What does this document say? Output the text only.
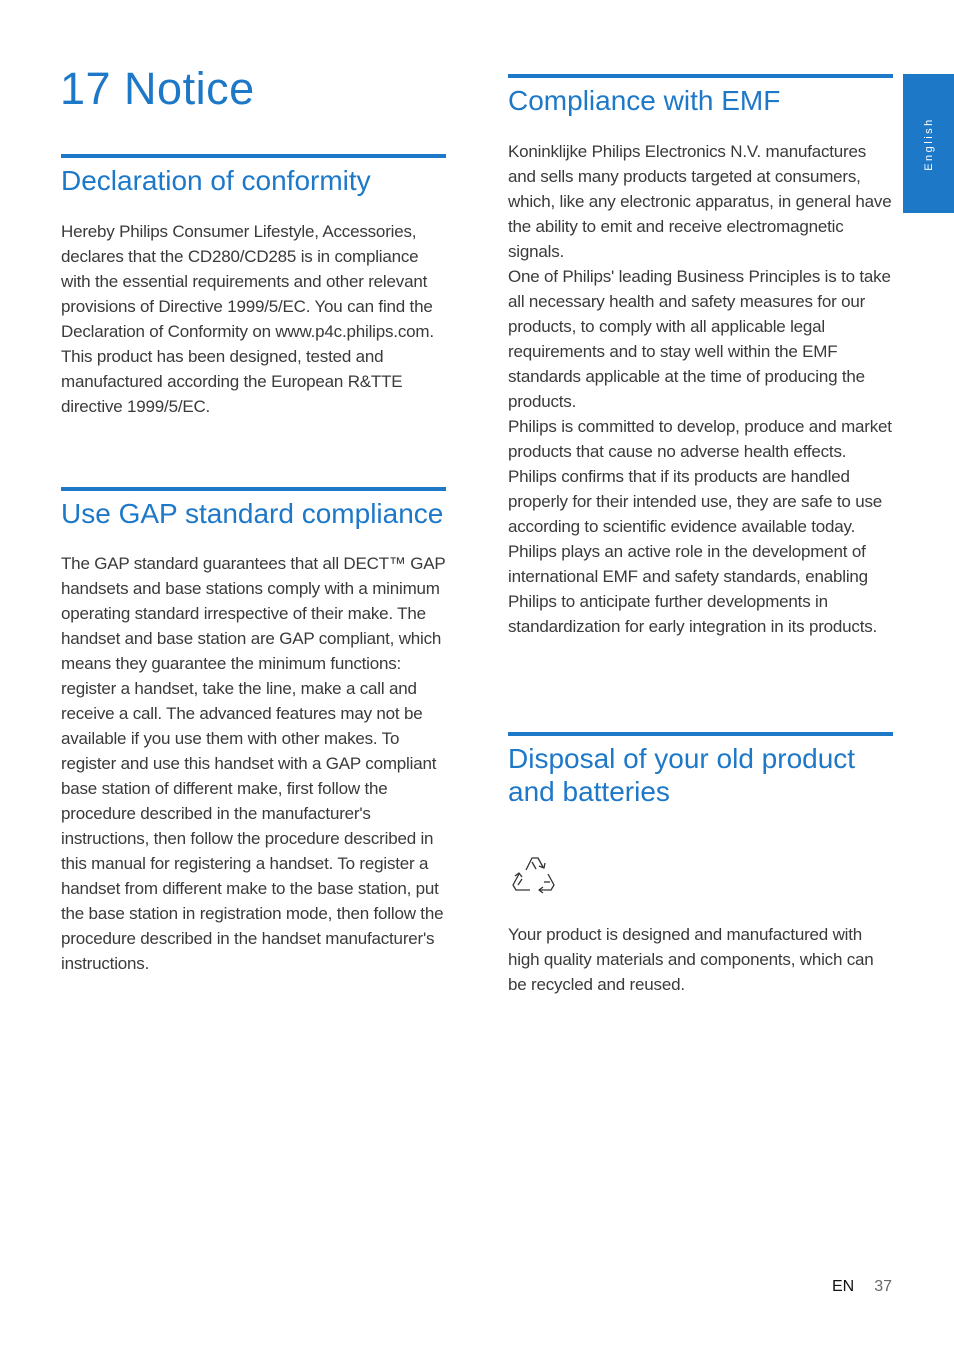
17 Notice
English
Declaration of conformity

Hereby Philips Consumer Lifestyle, Accessories, declares that the CD280/CD285 is in compliance with the essential requirements and other relevant provisions of Directive 1999/5/EC. You can find the Declaration of Conformity on www.p4c.philips.com.

This product has been designed, tested and manufactured according the European R&TTE directive 1999/5/EC.

Use GAP standard compliance

The GAP standard guarantees that all DECT™ GAP handsets and base stations comply with a minimum operating standard irrespective of their make. The handset and base station are GAP compliant, which means they guarantee the minimum functions: register a handset, take the line, make a call and receive a call. The advanced features may not be available if you use them with other makes. To register and use this handset with a GAP compliant base station of different make, first follow the procedure described in the manufacturer's instructions, then follow the procedure described in this manual for registering a handset. To register a handset from different make to the base station, put the base station in registration mode, then follow the procedure described in the handset manufacturer's instructions.

Compliance with EMF

Koninklijke Philips Electronics N.V. manufactures and sells many products targeted at consumers, which, like any electronic apparatus, in general have the ability to emit and receive electromagnetic signals.

One of Philips' leading Business Principles is to take all necessary health and safety measures for our products, to comply with all applicable legal requirements and to stay well within the EMF standards applicable at the time of producing the products.

Philips is committed to develop, produce and market products that cause no adverse health effects. Philips confirms that if its products are handled properly for their intended use, they are safe to use according to scientific evidence available today.

Philips plays an active role in the development of international EMF and safety standards, enabling Philips to anticipate further developments in standardization for early integration in its products.

Disposal of your old product and batteries

Your product is designed and manufactured with high quality materials and components, which can be recycled and reused.

EN 37
